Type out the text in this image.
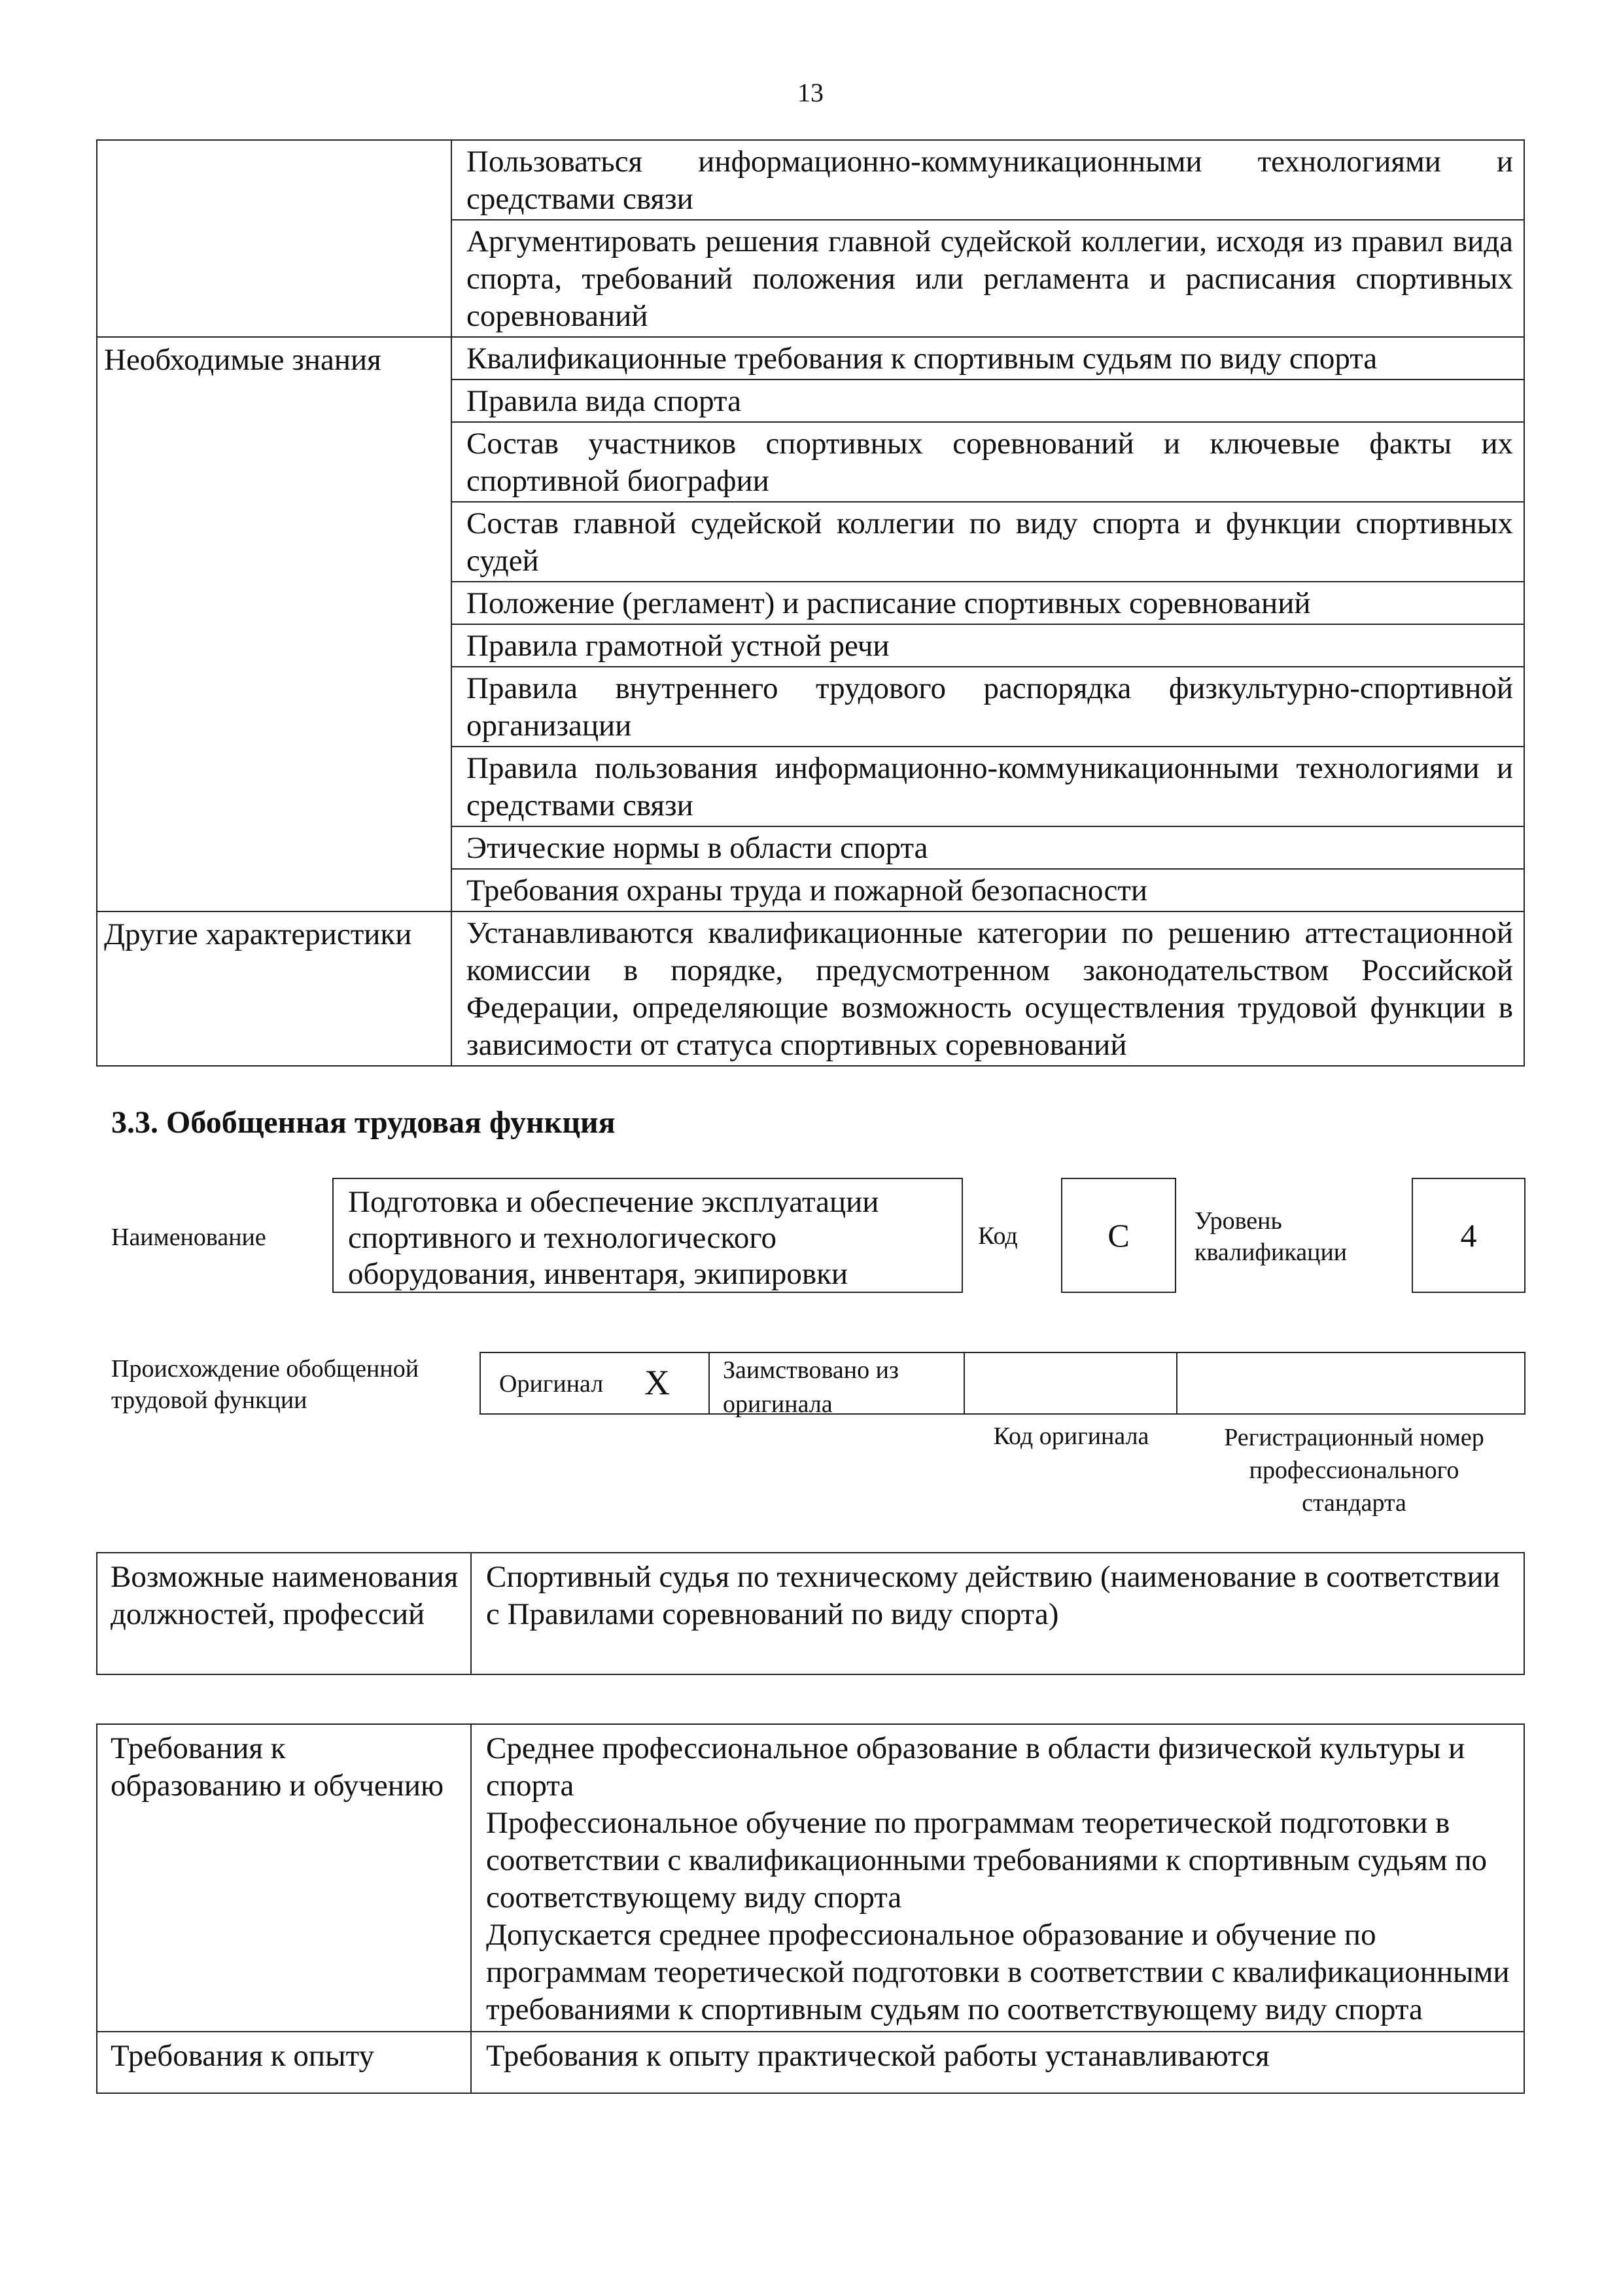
13
	Пользоваться информационно-коммуникационными технологиями и средствами связи
	Аргументировать решения главной судейской коллегии, исходя из правил вида спорта, требований положения или регламента и расписания спортивных соревнований
Необходимые знания	Квалификационные требования к спортивным судьям по виду спорта
	Правила вида спорта
	Состав участников спортивных соревнований и ключевые факты их спортивной биографии
	Состав главной судейской коллегии по виду спорта и функции спортивных судей
	Положение (регламент) и расписание спортивных соревнований
	Правила грамотной устной речи
	Правила внутреннего трудового распорядка физкультурно-спортивной организации
	Правила пользования информационно-коммуникационными технологиями и средствами связи
	Этические нормы в области спорта
	Требования охраны труда и пожарной безопасности
Другие характеристики	Устанавливаются квалификационные категории по решению аттестационной комиссии в порядке, предусмотренном законодательством Российской Федерации, определяющие возможность осуществления трудовой функции в зависимости от статуса спортивных соревнований
3.3. Обобщенная трудовая функция
Наименование
Подготовка и обеспечение эксплуатации спортивного и технологического оборудования, инвентаря, экипировки
Код	С	Уровень квалификации	4
Происхождение обобщенной трудовой функции
Оригинал Х	Заимствовано из оригинала
Код оригинала	Регистрационный номер профессионального стандарта
Возможные наименования должностей, профессий	Спортивный судья по техническому действию (наименование в соответствии с Правилами соревнований по виду спорта)
Требования к образованию и обучению	Среднее профессиональное образование в области физической культуры и спорта
Профессиональное обучение по программам теоретической подготовки в соответствии с квалификационными требованиями к спортивным судьям по соответствующему виду спорта
Допускается среднее профессиональное образование и обучение по программам теоретической подготовки в соответствии с квалификационными требованиями к спортивным судьям по соответствующему виду спорта

Требования к опыту	Требования к опыту практической работы устанавливаются
